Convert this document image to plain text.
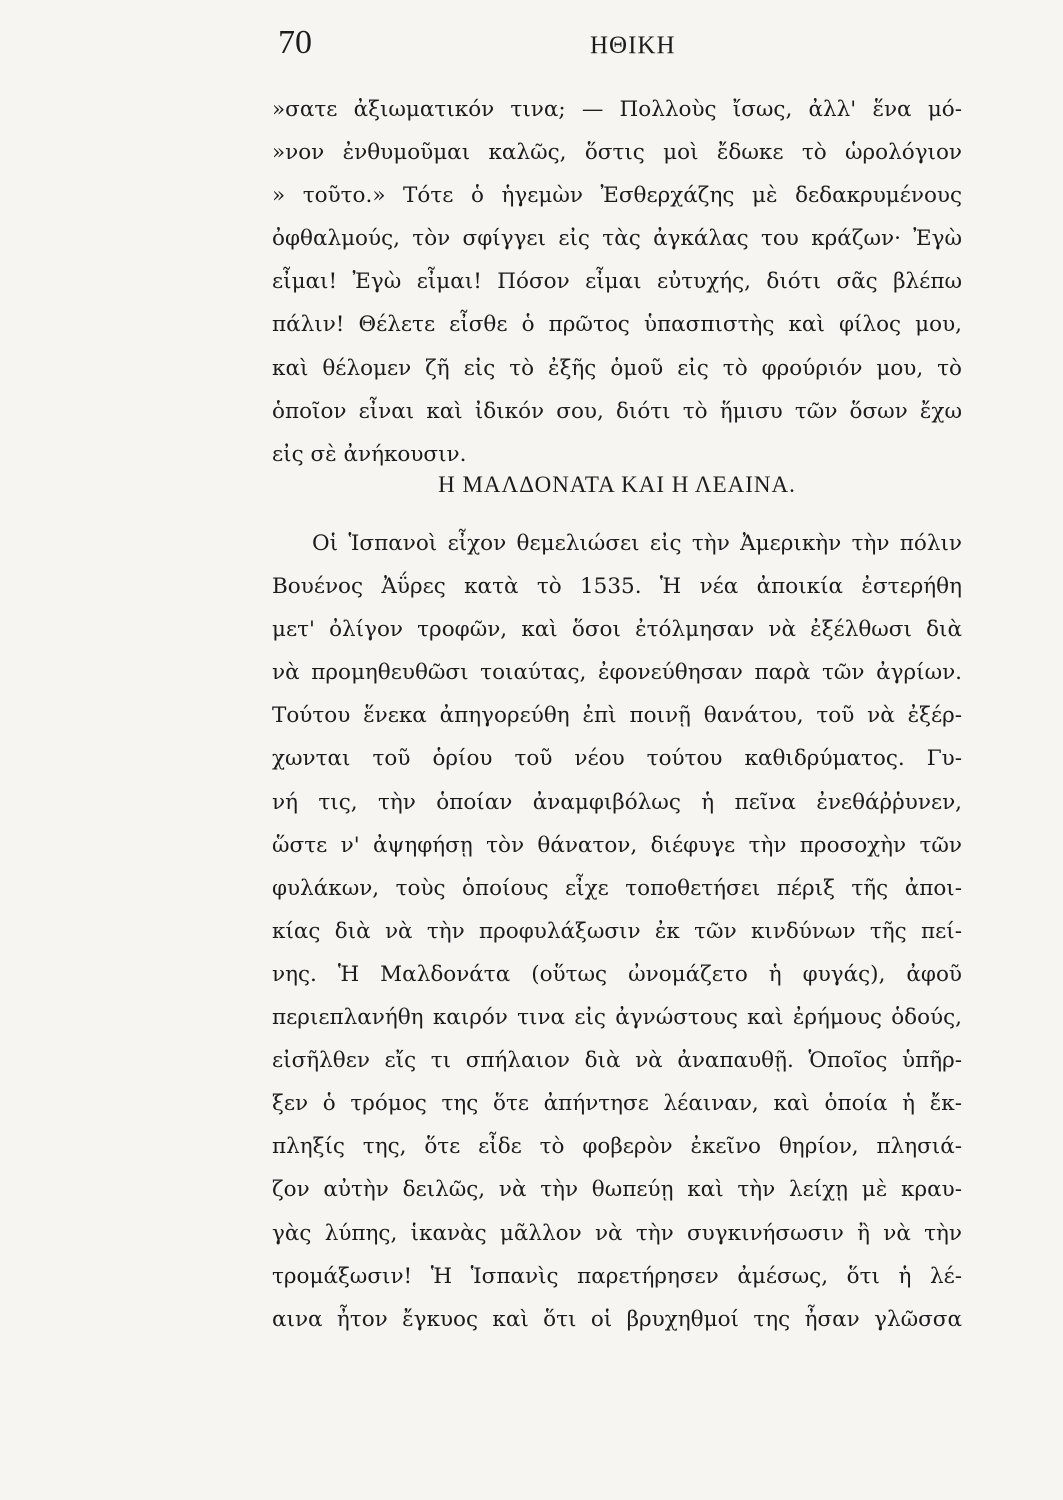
70	ΗΘΙΚΗ
»σατε ἀξιωματικόν τινα; — Πολλοὺς ἴσως, ἀλλ' ἕνα μό-
»νον ἐνθυμοῦμαι καλῶς, ὅστις μοὶ ἔδωκε τὸ ὡρολόγιον
» τοῦτο.» Τότε ὁ ἡγεμὼν Ἐσθερχάζης μὲ δεδακρυμένους
ὀφθαλμούς, τὸν σφίγγει εἰς τὰς ἀγκάλας του κράζων· Ἐγὼ
εἶμαι! Ἐγὼ εἶμαι! Πόσον εἶμαι εὐτυχής, διότι σᾶς βλέπω
πάλιν! Θέλετε εἶσθε ὁ πρῶτος ὑπασπιστὴς καὶ φίλος μου,
καὶ θέλομεν ζῆ εἰς τὸ ἐξῆς ὁμοῦ εἰς τὸ φρούριόν μου, τὸ
ὁποῖον εἶναι καὶ ἰδικόν σου, διότι τὸ ἥμισυ τῶν ὅσων ἔχω
εἰς σὲ ἀνήκουσιν.
Η ΜΑΛΔΟΝΑΤΑ ΚΑΙ Η ΛΕΑΙΝΑ.
Οἱ Ἱσπανοὶ εἶχον θεμελιώσει εἰς τὴν Ἀμερικὴν τὴν πόλιν
Βουένος Ἀΰρες κατὰ τὸ 1535. Ἡ νέα ἀποικία ἐστερήθη
μετ' ὀλίγον τροφῶν, καὶ ὅσοι ἐτόλμησαν νὰ ἐξέλθωσι διὰ
νὰ προμηθευθῶσι τοιαύτας, ἐφονεύθησαν παρὰ τῶν ἀγρίων.
Τούτου ἕνεκα ἀπηγορεύθη ἐπὶ ποινῇ θανάτου, τοῦ νὰ ἐξέρ-
χωνται τοῦ ὁρίου τοῦ νέου τούτου καθιδρύματος. Γυ-
νή τις, τὴν ὁποίαν ἀναμφιβόλως ἡ πεῖνα ἐνεθάῤῥυνεν,
ὥστε ν' ἀψηφήσῃ τὸν θάνατον, διέφυγε τὴν προσοχὴν τῶν
φυλάκων, τοὺς ὁποίους εἶχε τοποθετήσει πέριξ τῆς ἀποι-
κίας διὰ νὰ τὴν προφυλάξωσιν ἐκ τῶν κινδύνων τῆς πεί-
νης. Ἡ Μαλδονάτα (οὕτως ὠνομάζετο ἡ φυγάς), ἀφοῦ
περιεπλανήθη καιρόν τινα εἰς ἀγνώστους καὶ ἐρήμους ὁδούς,
εἰσῆλθεν εἴς τι σπήλαιον διὰ νὰ ἀναπαυθῇ. Ὁποῖος ὑπῆρ-
ξεν ὁ τρόμος της ὅτε ἀπήντησε λέαιναν, καὶ ὁποία ἡ ἔκ-
πληξίς της, ὅτε εἶδε τὸ φοβερὸν ἐκεῖνο θηρίον, πλησιά-
ζον αὐτὴν δειλῶς, νὰ τὴν θωπεύῃ καὶ τὴν λείχῃ μὲ κραυ-
γὰς λύπης, ἱκανὰς μᾶλλον νὰ τὴν συγκινήσωσιν ἢ νὰ τὴν
τρομάξωσιν! Ἡ Ἱσπανὶς παρετήρησεν ἀμέσως, ὅτι ἡ λέ-
αινα ἦτον ἔγκυος καὶ ὅτι οἱ βρυχηθμοί της ἦσαν γλῶσσα
